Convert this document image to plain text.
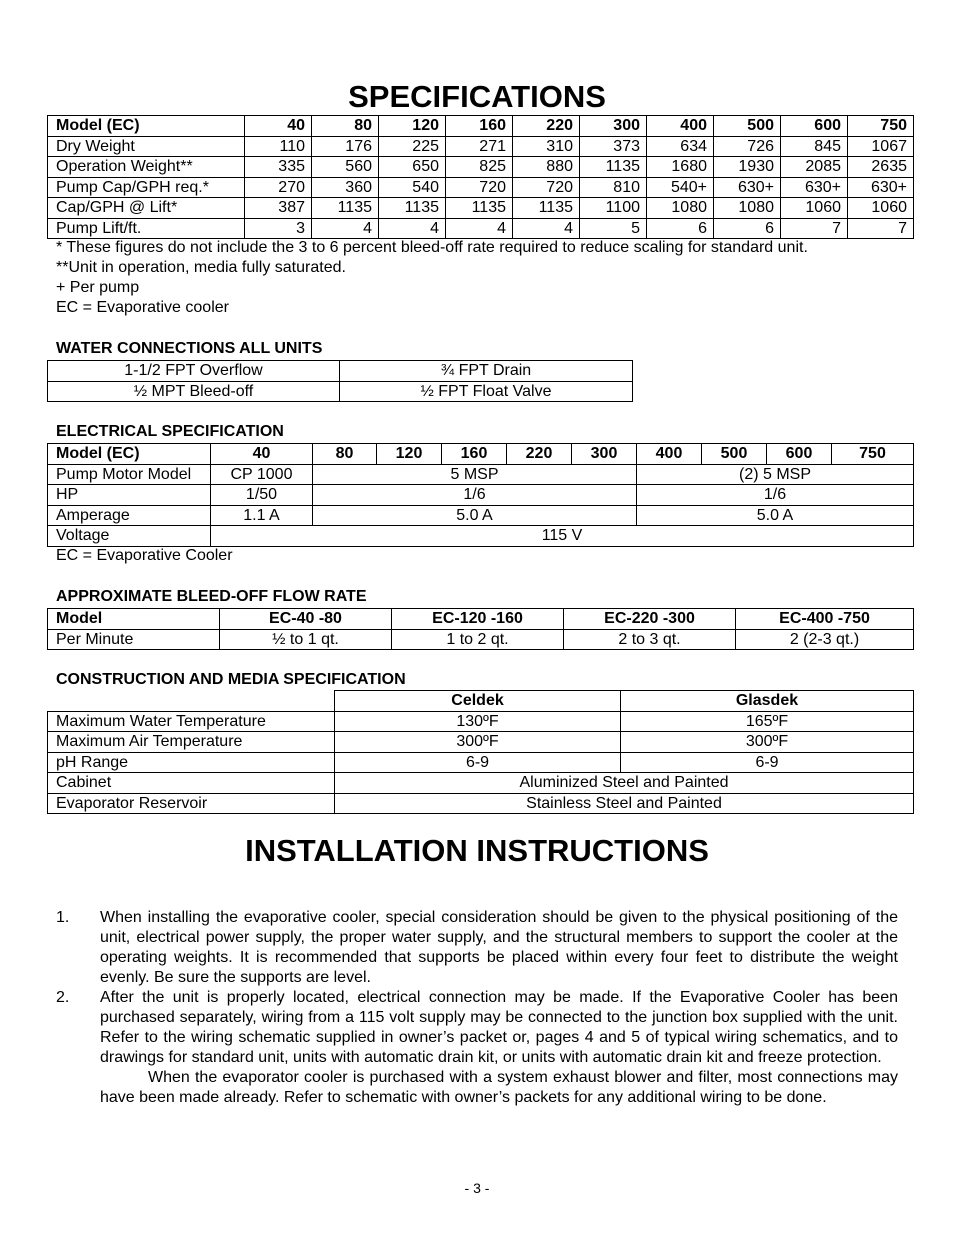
SPECIFICATIONS
Model (EC)	40	80	120	160	220	300	400	500	600	750
Dry Weight	110	176	225	271	310	373	634	726	845	1067
Operation Weight**	335	560	650	825	880	1135	1680	1930	2085	2635
Pump Cap/GPH req.*	270	360	540	720	720	810	540+	630+	630+	630+
Cap/GPH @ Lift*	387	1135	1135	1135	1135	1100	1080	1080	1060	1060
Pump Lift/ft.	3	4	4	4	4	5	6	6	7	7
* These figures do not include the 3 to 6 percent bleed-off rate required to reduce scaling for standard unit.
**Unit in operation, media fully saturated.
+ Per pump
EC = Evaporative cooler
WATER CONNECTIONS ALL UNITS
1-1/2 FPT Overflow	¾ FPT Drain
½ MPT Bleed-off	½ FPT Float Valve
ELECTRICAL SPECIFICATION
Model (EC)	40	80	120	160	220	300	400	500	600	750
Pump Motor Model	CP 1000	5 MSP					(2) 5 MSP			
HP	1/50	1/6					1/6			
Amperage	1.1 A	5.0 A					5.0 A			
Voltage	115 V									
EC = Evaporative Cooler
APPROXIMATE BLEED-OFF FLOW RATE
Model	EC-40 -80	EC-120 -160	EC-220 -300	EC-400 -750
Per Minute	½ to 1 qt.	1 to 2 qt.	2 to 3 qt.	2 (2-3 qt.)
CONSTRUCTION AND MEDIA SPECIFICATION
	Celdek	Glasdek
Maximum Water Temperature	130ºF	165ºF
Maximum Air Temperature	300ºF	300ºF
pH Range	6-9	6-9
Cabinet	Aluminized Steel and Painted	
Evaporator Reservoir	Stainless Steel and Painted	
INSTALLATION INSTRUCTIONS
1. When installing the evaporative cooler, special consideration should be given to the physical positioning of the unit, electrical power supply, the proper water supply, and the structural members to support the cooler at the operating weights. It is recommended that supports be placed within every four feet to distribute the weight evenly. Be sure the supports are level.
2. After the unit is properly located, electrical connection may be made. If the Evaporative Cooler has been purchased separately, wiring from a 115 volt supply may be connected to the junction box supplied with the unit. Refer to the wiring schematic supplied in owner’s packet or, pages 4 and 5 of typical wiring schematics, and to drawings for standard unit, units with automatic drain kit, or units with automatic drain kit and freeze protection.
When the evaporator cooler is purchased with a system exhaust blower and filter, most connections may have been made already. Refer to schematic with owner’s packets for any additional wiring to be done.
- 3 -
